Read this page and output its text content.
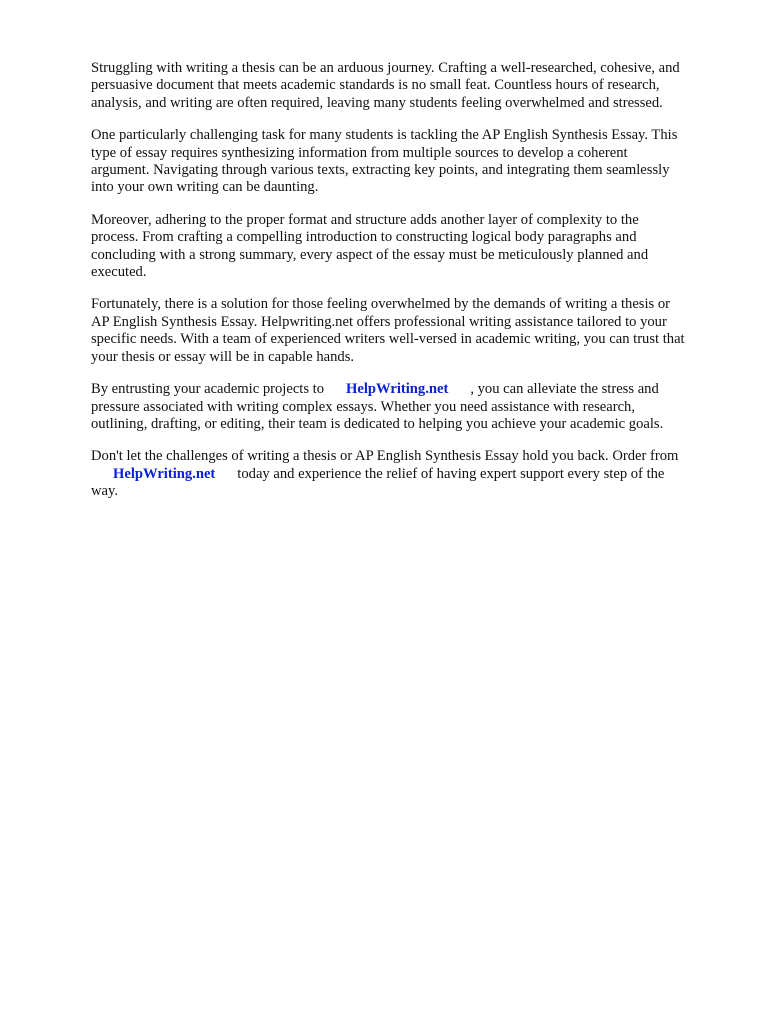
Struggling with writing a thesis can be an arduous journey. Crafting a well-researched, cohesive, and
persuasive document that meets academic standards is no small feat. Countless hours of research,
analysis, and writing are often required, leaving many students feeling overwhelmed and stressed.

One particularly challenging task for many students is tackling the AP English Synthesis Essay. This
type of essay requires synthesizing information from multiple sources to develop a coherent
argument. Navigating through various texts, extracting key points, and integrating them seamlessly
into your own writing can be daunting.

Moreover, adhering to the proper format and structure adds another layer of complexity to the
process. From crafting a compelling introduction to constructing logical body paragraphs and
concluding with a strong summary, every aspect of the essay must be meticulously planned and
executed.

Fortunately, there is a solution for those feeling overwhelmed by the demands of writing a thesis or
AP English Synthesis Essay. Helpwriting.net offers professional writing assistance tailored to your
specific needs. With a team of experienced writers well-versed in academic writing, you can trust that
your thesis or essay will be in capable hands.

By entrusting your academic projects to HelpWriting.net , you can alleviate the stress and
pressure associated with writing complex essays. Whether you need assistance with research,
outlining, drafting, or editing, their team is dedicated to helping you achieve your academic goals.

Don't let the challenges of writing a thesis or AP English Synthesis Essay hold you back. Order from
HelpWriting.net today and experience the relief of having expert support every step of the
way.
